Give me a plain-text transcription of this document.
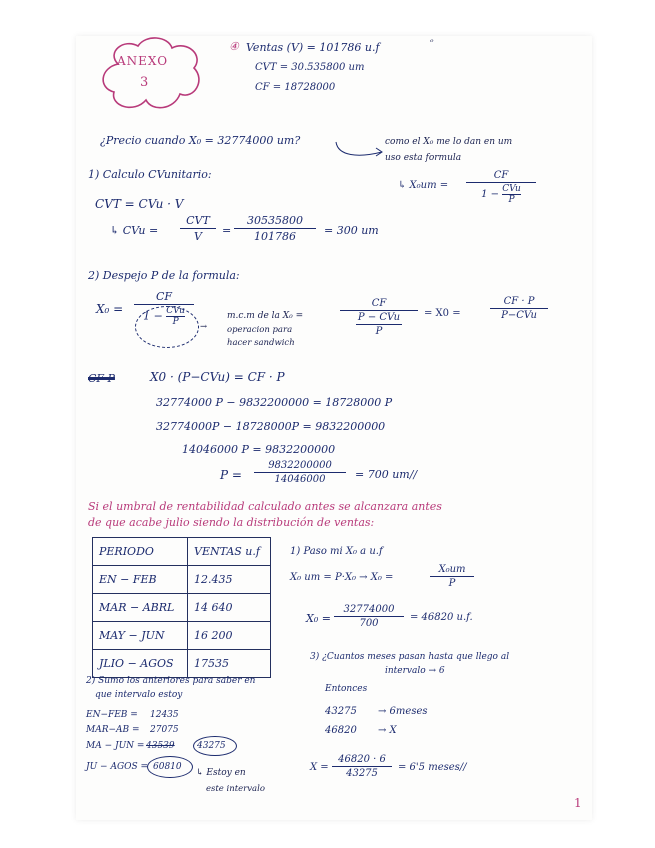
ANEXO
3
④ Ventas (V) = 101786 u.f	ᵒ
CVT = 30.535800 um
CF = 18728000
¿Precio cuando X₀ = 32774000 um?	como el X₀ me lo dan en um
uso esta formula
↳ X₀um =
CF
1 − CVu
P
1) Calculo CVunitario:
CVT = CVu · V
↳ CVu =
CVT
V	=
30535800
101786	= 300 um
2) Despejo P de la formula:
X₀ =
CF
1 − CVu
P	→
m.c.m de la X₀ =
operacion para
hacer sandwich
CF
P − CVu
P
= X0 =
CF · P
P−CVu
CF·P	X0 · (P−CVu) = CF · P
32774000 P − 9832200000 = 18728000 P
32774000P − 18728000P = 9832200000
14046000 P = 9832200000
P =
9832200000
14046000	= 700 um//
Si el umbral de rentabilidad calculado antes se alcanzara antes
de que acabe julio siendo la distribución de ventas:
PERIODO	VENTAS u.f
EN − FEB	12.435
MAR − ABRL	14 640
MAY − JUN	16 200
JLIO − AGOS	17535
1) Paso mi X₀ a u.f
X₀ um = P·X₀ → X₀ =
X₀um
P
X₀ =
32774000
700
= 46820 u.f.
3) ¿Cuantos meses pasan hasta que llego al
intervalo → 6
Entonces
43275 → 6meses
46820 → X
X =
46820 · 6
43275
= 6'5 meses//
2) Sumo los anteriores para saber en
que intervalo estoy
EN−FEB = 12435
MAR−AB = 27075
MA − JUN = 43539 43275
JU − AGOS = 60810
↳ Estoy en
este intervalo
1
